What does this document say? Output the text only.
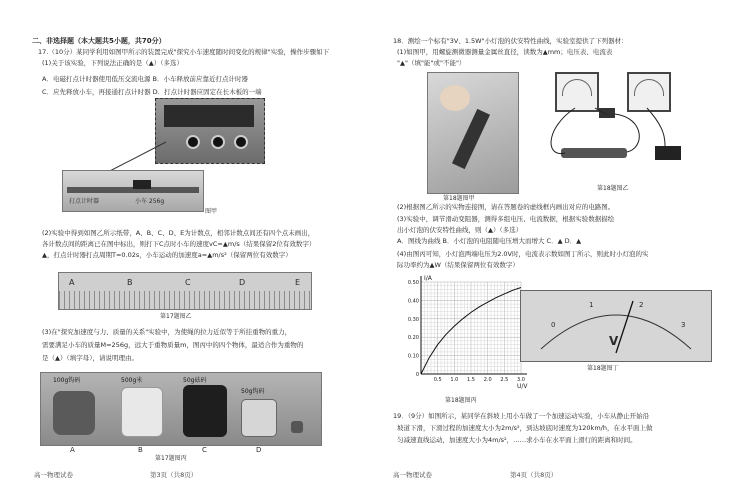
二、非选择题（本大题共5小题，共70分）
17.（10分）某同学利用如图甲所示的装置完成"探究小车速度随时间变化的规律"实验，操作步骤如下
(1)关于该实验，下列说法正确的是（▲）（多选）
A．电磁打点计时器使用低压交流电源 B．小车释放前应靠近打点计时器
C．应先释放小车，再接通打点计时器 D．打点计时器应固定在长木板的一端
打点计时器	小车 256g
图甲
(2)实验中得到如图乙所示纸带，A、B、C、D、E为计数点，相邻计数点间还有四个点未画出，
各计数点间的距离已在图中标出，则打下C点时小车的速度vC=▲m/s（结果保留2位有效数字）
▲，打点计时器打点周期T=0.02s，小车运动的加速度a=▲m/s²（保留两位有效数字）
A	B	C	D	E
第17题图乙
(3)在"探究加速度与力、质量的关系"实验中，为使绳的拉力近似等于所挂重物的重力，
需要满足小车的质量M=256g，远大于重物质量m，图丙中的四个物体，最适合作为重物的
是（▲）（填字母），请说明理由。
100g钩码	500g米	50g砝码
50g钩码
A	B	C	D
第17题图丙
高一物理试卷	第3页（共8页）
18．测绘一个标有"3V、1.5W"小灯泡的伏安特性曲线，实验室提供了下列器材：
(1)如图甲，用螺旋测微器测量金属丝直径，读数为▲mm；电压表、电流表
"▲"（填"能"或"不能"）
第18题图甲
第18题图乙
(2)根据图乙所示的实物连接图，请在答题卷的虚线框内画出对应的电路图。
(3)实验中，调节滑动变阻器，测得多组电压、电流数据，根据实验数据描绘
出小灯泡的伏安特性曲线，则（▲）（多选）
A．图线为曲线 B．小灯泡的电阻随电压增大而增大 C．▲ D．▲
(4)由图丙可知，小灯泡两端电压为2.0V时，电流表示数如图丁所示，则此时小灯泡的实
际功率约为▲W（结果保留两位有效数字）
0.5 1.0 1.5 2.0 2.5 3.0
0
0.10
0.20
0.30
0.40
0.50
I/A
U/V
第18题图丙
0
1	2
3
V
第18题图丁
19．（9分）如图所示，某同学在斜坡上用小车做了一个加速运动实验，小车从静止开始沿
坡道下滑，下滑过程的加速度大小为2m/s²，到达坡底时速度为120km/h，在水平面上做
匀减速直线运动，加速度大小为4m/s²，……求小车在水平面上滑行的距离和时间。
高一物理试卷	第4页（共8页）
